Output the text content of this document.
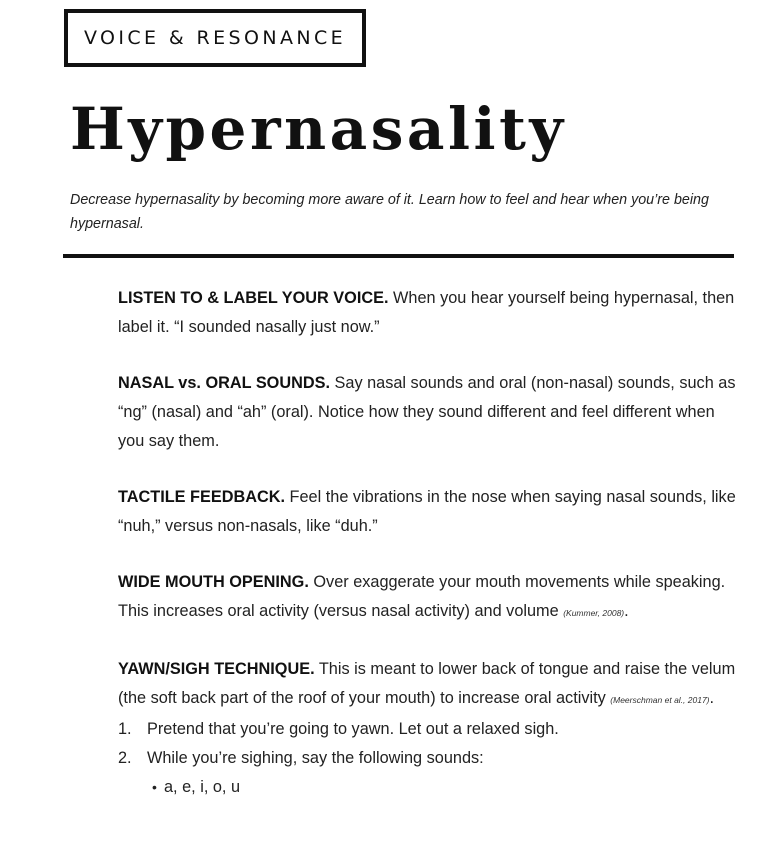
VOICE & RESONANCE
Hypernasality

Decrease hypernasality by becoming more aware of it. Learn how to feel and hear when you’re being hypernasal.

LISTEN TO & LABEL YOUR VOICE. When you hear yourself being hypernasal, then label it. “I sounded nasally just now.”

NASAL vs. ORAL SOUNDS. Say nasal sounds and oral (non-nasal) sounds, such as “ng” (nasal) and “ah” (oral). Notice how they sound different and feel different when you say them.

TACTILE FEEDBACK. Feel the vibrations in the nose when saying nasal sounds, like “nuh,” versus non-nasals, like “duh.”

WIDE MOUTH OPENING. Over exaggerate your mouth movements while speaking. This increases oral activity (versus nasal activity) and volume (Kummer, 2008).

YAWN/SIGH TECHNIQUE. This is meant to lower back of tongue and raise the velum (the soft back part of the roof of your mouth) to increase oral activity (Meerschman et al., 2017).

1. Pretend that you’re going to yawn. Let out a relaxed sigh.
2. While you’re sighing, say the following sounds:
• a, e, i, o, u
